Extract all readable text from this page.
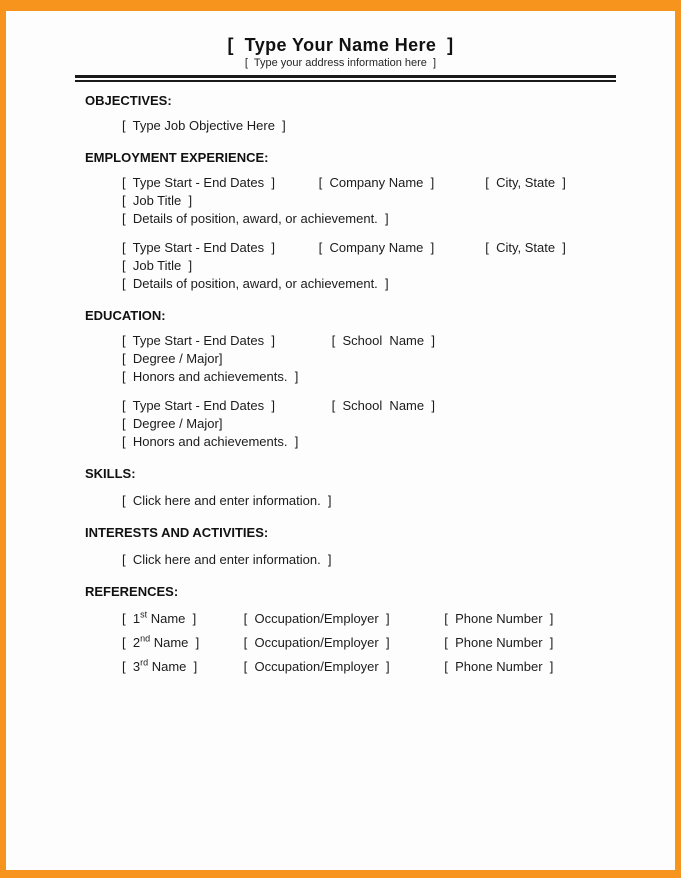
[  Type Your Name Here  ]
[  Type your address information here  ]
OBJECTIVES:
[  Type Job Objective Here  ]
EMPLOYMENT EXPERIENCE:
[  Type Start - End Dates  ]	[  Company Name  ]	[  City, State  ]
[  Job Title  ]
[  Details of position, award, or achievement.  ]
[  Type Start - End Dates  ]	[  Company Name  ]	[  City, State  ]
[  Job Title  ]
[  Details of position, award, or achievement.  ]
EDUCATION:
[  Type Start - End Dates  ]	[  School  Name  ]
[  Degree / Major]
[  Honors and achievements.  ]
[  Type Start - End Dates  ]	[  School  Name  ]
[  Degree / Major]
[  Honors and achievements.  ]
SKILLS:
[  Click here and enter information.  ]
INTERESTS AND ACTIVITIES:
[  Click here and enter information.  ]
REFERENCES:
[  1st Name  ]	[  Occupation/Employer  ]	[  Phone Number  ]
[  2nd Name  ]	[  Occupation/Employer  ]	[  Phone Number  ]
[  3rd Name  ]	[  Occupation/Employer  ]	[  Phone Number  ]
